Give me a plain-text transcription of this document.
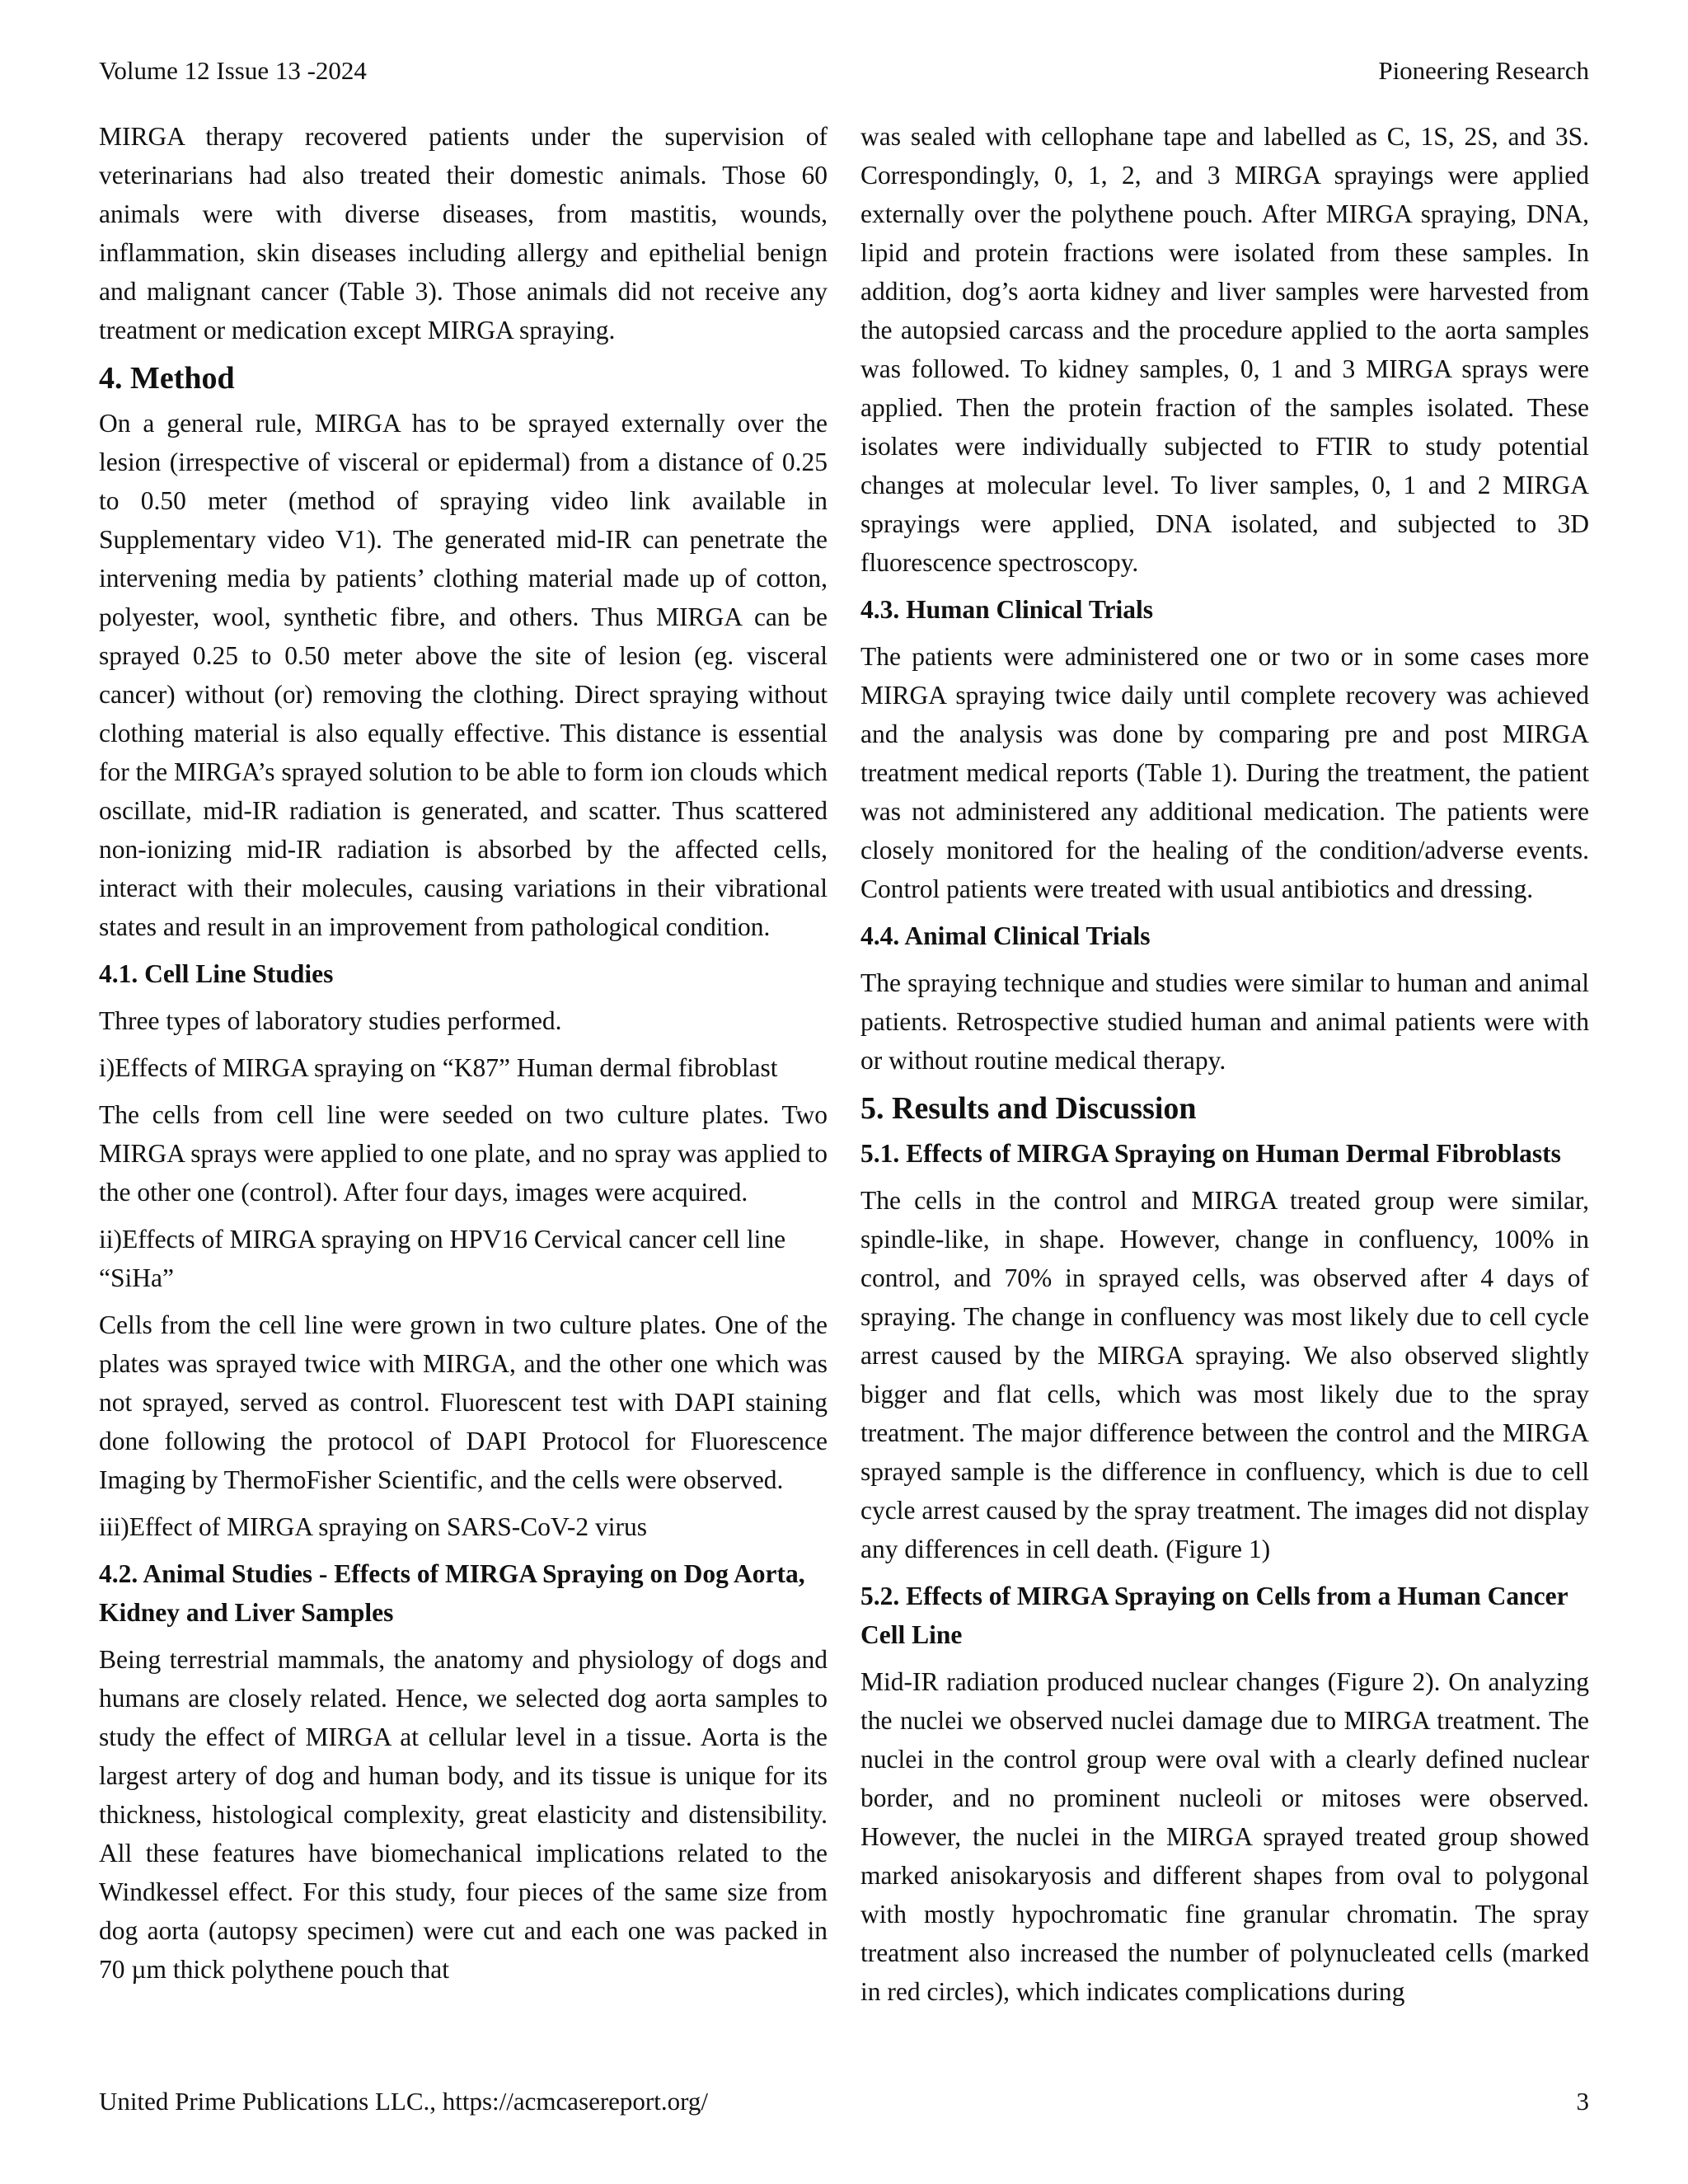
Volume 12 Issue 13 -2024	Pioneering Research

MIRGA therapy recovered patients under the supervision of veterinarians had also treated their domestic animals. Those 60 animals were with diverse diseases, from mastitis, wounds, inflammation, skin diseases including allergy and epithelial benign and malignant cancer (Table 3). Those animals did not receive any treatment or medication except MIRGA spraying.

4. Method

On a general rule, MIRGA has to be sprayed externally over the lesion (irrespective of visceral or epidermal) from a distance of 0.25 to 0.50 meter (method of spraying video link available in Supplementary video V1). The generated mid-IR can penetrate the intervening media by patients’ clothing material made up of cotton, polyester, wool, synthetic fibre, and others. Thus MIRGA can be sprayed 0.25 to 0.50 meter above the site of lesion (eg. visceral cancer) without (or) removing the clothing. Direct spraying without clothing material is also equally effective. This distance is essential for the MIRGA’s sprayed solution to be able to form ion clouds which oscillate, mid-IR radiation is generated, and scatter. Thus scattered non-ionizing mid-IR radiation is absorbed by the affected cells, interact with their molecules, causing variations in their vibrational states and result in an improvement from pathological condition.

4.1. Cell Line Studies

Three types of laboratory studies performed.

i)Effects of MIRGA spraying on “K87” Human dermal fibroblast

The cells from cell line were seeded on two culture plates. Two MIRGA sprays were applied to one plate, and no spray was applied to the other one (control). After four days, images were acquired.

ii)Effects of MIRGA spraying on HPV16 Cervical cancer cell line “SiHa”

Cells from the cell line were grown in two culture plates. One of the plates was sprayed twice with MIRGA, and the other one which was not sprayed, served as control. Fluorescent test with DAPI staining done following the protocol of DAPI Protocol for Fluorescence Imaging by ThermoFisher Scientific, and the cells were observed.

iii)Effect of MIRGA spraying on SARS-CoV-2 virus

4.2. Animal Studies - Effects of MIRGA Spraying on Dog Aorta, Kidney and Liver Samples

Being terrestrial mammals, the anatomy and physiology of dogs and humans are closely related. Hence, we selected dog aorta samples to study the effect of MIRGA at cellular level in a tissue. Aorta is the largest artery of dog and human body, and its tissue is unique for its thickness, histological complexity, great elasticity and distensibility. All these features have biomechanical implications related to the Windkessel effect. For this study, four pieces of the same size from dog aorta (autopsy specimen) were cut and each one was packed in 70 µm thick polythene pouch that

was sealed with cellophane tape and labelled as C, 1S, 2S, and 3S. Correspondingly, 0, 1, 2, and 3 MIRGA sprayings were applied externally over the polythene pouch. After MIRGA spraying, DNA, lipid and protein fractions were isolated from these samples. In addition, dog’s aorta kidney and liver samples were harvested from the autopsied carcass and the procedure applied to the aorta samples was followed. To kidney samples, 0, 1 and 3 MIRGA sprays were applied. Then the protein fraction of the samples isolated. These isolates were individually subjected to FTIR to study potential changes at molecular level. To liver samples, 0, 1 and 2 MIRGA sprayings were applied, DNA isolated, and subjected to 3D fluorescence spectroscopy.

4.3. Human Clinical Trials

The patients were administered one or two or in some cases more MIRGA spraying twice daily until complete recovery was achieved and the analysis was done by comparing pre and post MIRGA treatment medical reports (Table 1). During the treatment, the patient was not administered any additional medication. The patients were closely monitored for the healing of the condition/adverse events. Control patients were treated with usual antibiotics and dressing.

4.4. Animal Clinical Trials

The spraying technique and studies were similar to human and animal patients. Retrospective studied human and animal patients were with or without routine medical therapy.

5. Results and Discussion
5.1. Effects of MIRGA Spraying on Human Dermal Fibroblasts

The cells in the control and MIRGA treated group were similar, spindle-like, in shape. However, change in confluency, 100% in control, and 70% in sprayed cells, was observed after 4 days of spraying. The change in confluency was most likely due to cell cycle arrest caused by the MIRGA spraying. We also observed slightly bigger and flat cells, which was most likely due to the spray treatment. The major difference between the control and the MIRGA sprayed sample is the difference in confluency, which is due to cell cycle arrest caused by the spray treatment. The images did not display any differences in cell death. (Figure 1)

5.2. Effects of MIRGA Spraying on Cells from a Human Cancer Cell Line

Mid-IR radiation produced nuclear changes (Figure 2). On analyzing the nuclei we observed nuclei damage due to MIRGA treatment. The nuclei in the control group were oval with a clearly defined nuclear border, and no prominent nucleoli or mitoses were observed. However, the nuclei in the MIRGA sprayed treated group showed marked anisokaryosis and different shapes from oval to polygonal with mostly hypochromatic fine granular chromatin. The spray treatment also increased the number of polynucleated cells (marked in red circles), which indicates complications during

United Prime Publications LLC., https://acmcasereport.org/	3
